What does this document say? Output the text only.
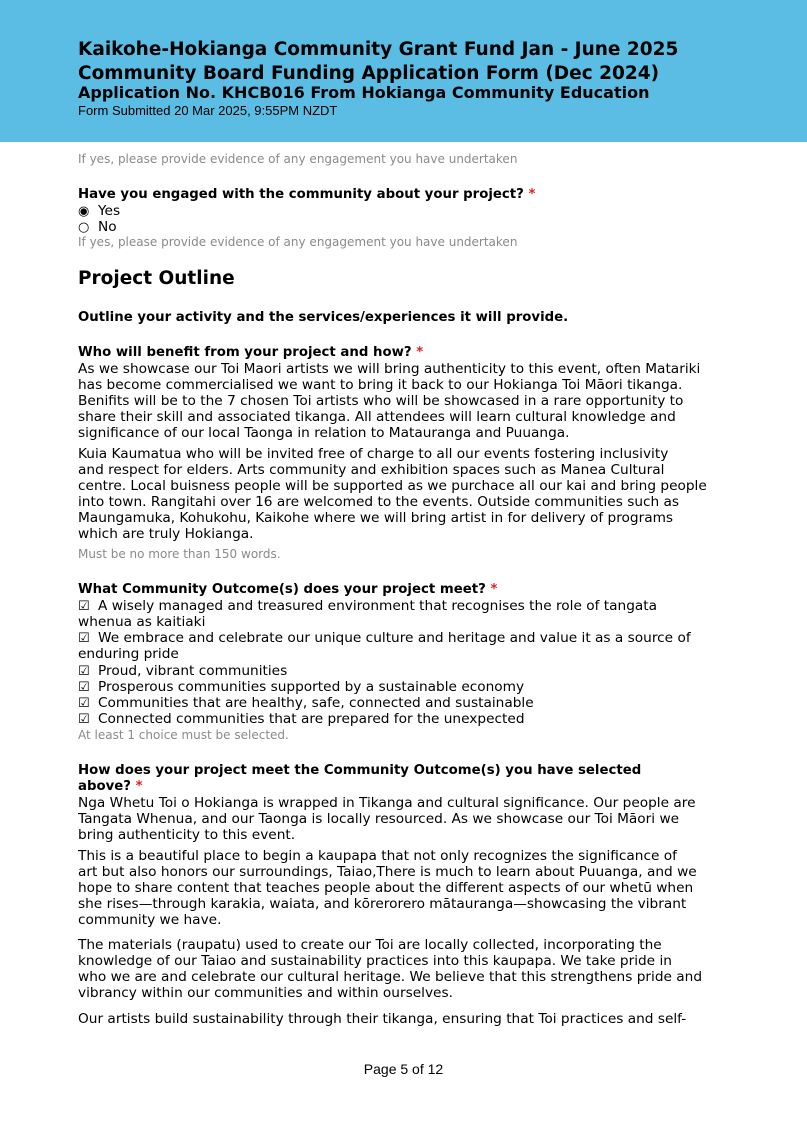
Kaikohe-Hokianga Community Grant Fund Jan - June 2025
Community Board Funding Application Form (Dec 2024)
Application No. KHCB016 From Hokianga Community Education
Form Submitted 20 Mar 2025, 9:55PM NZDT
If yes, please provide evidence of any engagement you have undertaken
Have you engaged with the community about your project? *
◉ Yes
○ No
If yes, please provide evidence of any engagement you have undertaken
Project Outline
Outline your activity and the services/experiences it will provide.
Who will benefit from your project and how? *
As we showcase our Toi Maori artists we will bring authenticity to this event, often Matariki
has become commercialised we want to bring it back to our Hokianga Toi Māori tikanga.
Benifits will be to the 7 chosen Toi artists who will be showcased in a rare opportunity to
share their skill and associated tikanga. All attendees will learn cultural knowledge and
significance of our local Taonga in relation to Matauranga and Puuanga.
Kuia Kaumatua who will be invited free of charge to all our events fostering inclusivity
and respect for elders. Arts community and exhibition spaces such as Manea Cultural
centre. Local buisness people will be supported as we purchace all our kai and bring people
into town. Rangitahi over 16 are welcomed to the events. Outside communities such as
Maungamuka, Kohukohu, Kaikohe where we will bring artist in for delivery of programs
which are truly Hokianga.
Must be no more than 150 words.
What Community Outcome(s) does your project meet? *
☑ A wisely managed and treasured environment that recognises the role of tangata
whenua as kaitiaki
☑ We embrace and celebrate our unique culture and heritage and value it as a source of
enduring pride
☑ Proud, vibrant communities
☑ Prosperous communities supported by a sustainable economy
☑ Communities that are healthy, safe, connected and sustainable
☑ Connected communities that are prepared for the unexpected
At least 1 choice must be selected.
How does your project meet the Community Outcome(s) you have selected
above? *
Nga Whetu Toi o Hokianga is wrapped in Tikanga and cultural significance. Our people are
Tangata Whenua, and our Taonga is locally resourced. As we showcase our Toi Māori we
bring authenticity to this event.
This is a beautiful place to begin a kaupapa that not only recognizes the significance of
art but also honors our surroundings, Taiao,There is much to learn about Puuanga, and we
hope to share content that teaches people about the different aspects of our whetū when
she rises—through karakia, waiata, and kōrerorero mātauranga—showcasing the vibrant
community we have.
The materials (raupatu) used to create our Toi are locally collected, incorporating the
knowledge of our Taiao and sustainability practices into this kaupapa. We take pride in
who we are and celebrate our cultural heritage. We believe that this strengthens pride and
vibrancy within our communities and within ourselves.
Our artists build sustainability through their tikanga, ensuring that Toi practices and self-
Page 5 of 12
